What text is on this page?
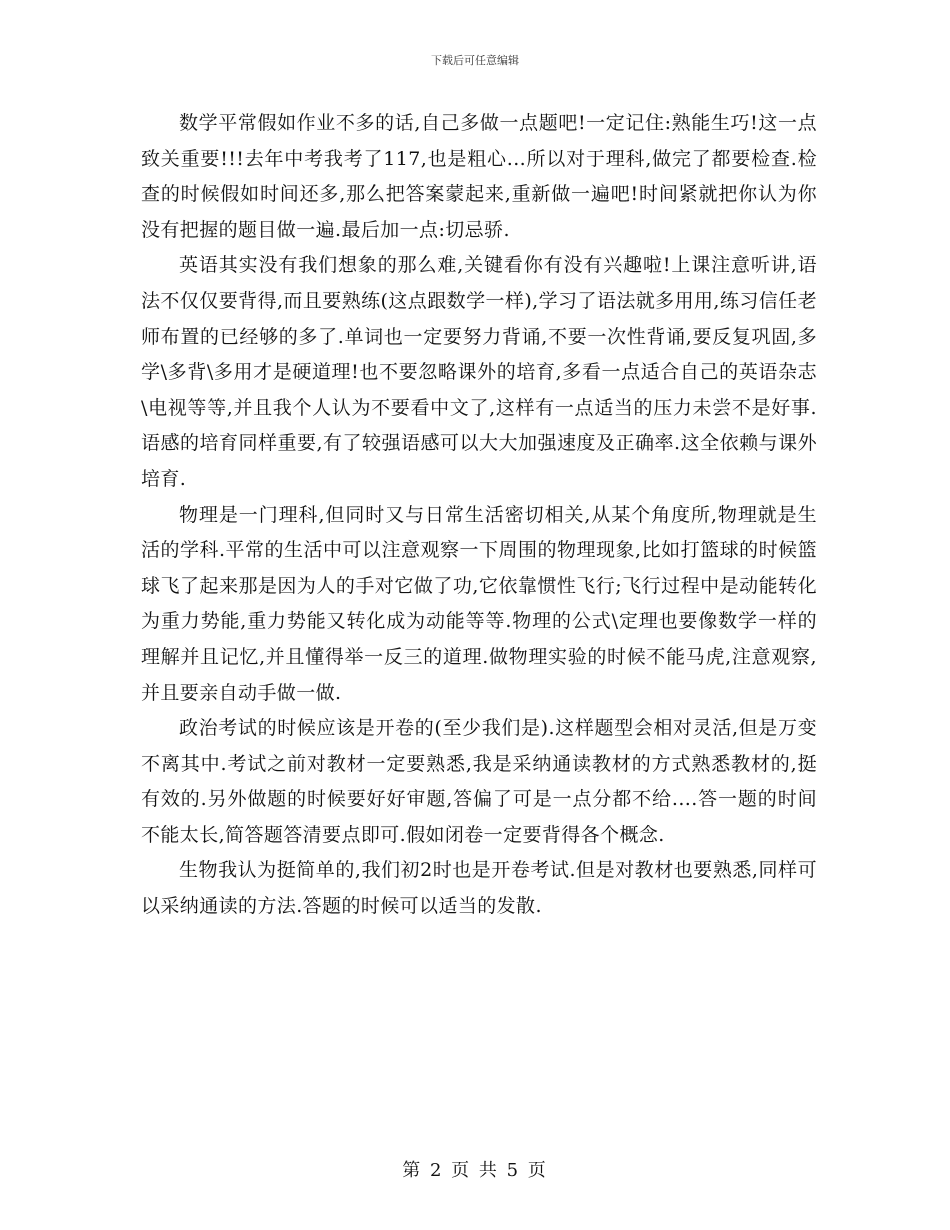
下载后可任意编辑

数学平常假如作业不多的话,自己多做一点题吧!一定记住:熟能生巧!这一点致关重要!!!去年中考我考了117,也是粗心...所以对于理科,做完了都要检查.检查的时候假如时间还多,那么把答案蒙起来,重新做一遍吧!时间紧就把你认为你没有把握的题目做一遍.最后加一点:切忌骄.

英语其实没有我们想象的那么难,关键看你有没有兴趣啦!上课注意听讲,语法不仅仅要背得,而且要熟练(这点跟数学一样),学习了语法就多用用,练习信任老师布置的已经够的多了.单词也一定要努力背诵,不要一次性背诵,要反复巩固,多学\多背\多用才是硬道理!也不要忽略课外的培育,多看一点适合自己的英语杂志\电视等等,并且我个人认为不要看中文了,这样有一点适当的压力未尝不是好事.语感的培育同样重要,有了较强语感可以大大加强速度及正确率.这全依赖与课外培育.

物理是一门理科,但同时又与日常生活密切相关,从某个角度所,物理就是生活的学科.平常的生活中可以注意观察一下周围的物理现象,比如打篮球的时候篮球飞了起来那是因为人的手对它做了功,它依靠惯性飞行;飞行过程中是动能转化为重力势能,重力势能又转化成为动能等等.物理的公式\定理也要像数学一样的理解并且记忆,并且懂得举一反三的道理.做物理实验的时候不能马虎,注意观察,并且要亲自动手做一做.

政治考试的时候应该是开卷的(至少我们是).这样题型会相对灵活,但是万变不离其中.考试之前对教材一定要熟悉,我是采纳通读教材的方式熟悉教材的,挺有效的.另外做题的时候要好好审题,答偏了可是一点分都不给....答一题的时间不能太长,简答题答清要点即可.假如闭卷一定要背得各个概念.

生物我认为挺简单的,我们初2时也是开卷考试.但是对教材也要熟悉,同样可以采纳通读的方法.答题的时候可以适当的发散.

第 2 页 共 5 页
